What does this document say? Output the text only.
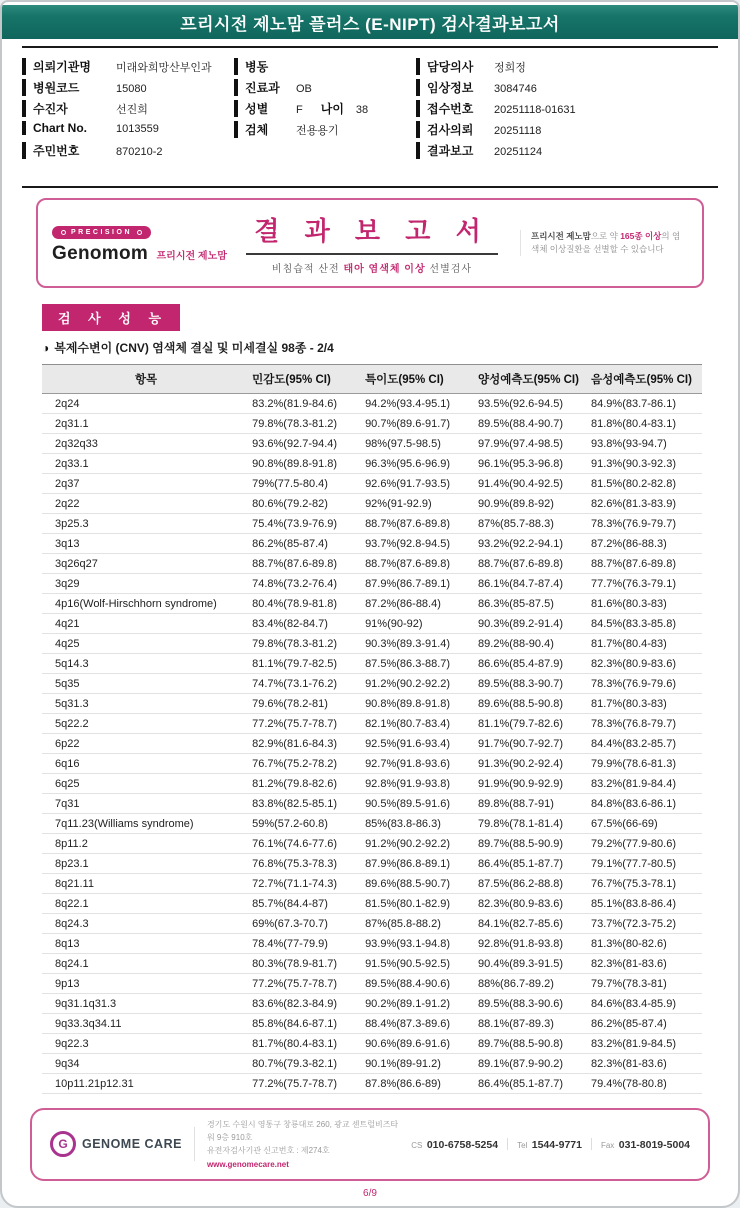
프리시전 제노맘 플러스 (E-NIPT) 검사결과보고서
의뢰기관명	미래와희망산부인과
병원코드	15080
수진자	선진희
Chart No.	1013559
주민번호	870210-2
병동
진료과	OB
성별	F 나이 38
검체	전용용기
담당의사	정희정
임상정보	3084746
접수번호	20251118-01631
검사의뢰	20251118
결과보고	20251124
PRECISION
Genomom 프리시전 제노맘
결 과 보 고 서
비침습적 산전 태아 염색체 이상 선별검사
프리시전 제노맘으로 약 165종 이상의 염색체 이상질환을 선별할 수 있습니다
검 사 성 능
◑ 복제수변이 (CNV) 염색체 결실 및 미세결실 98종 - 2/4
항목	민감도(95% CI)	특이도(95% CI)	양성예측도(95% CI)	음성예측도(95% CI)
2q24	83.2%(81.9-84.6)	94.2%(93.4-95.1)	93.5%(92.6-94.5)	84.9%(83.7-86.1)
2q31.1	79.8%(78.3-81.2)	90.7%(89.6-91.7)	89.5%(88.4-90.7)	81.8%(80.4-83.1)
2q32q33	93.6%(92.7-94.4)	98%(97.5-98.5)	97.9%(97.4-98.5)	93.8%(93-94.7)
2q33.1	90.8%(89.8-91.8)	96.3%(95.6-96.9)	96.1%(95.3-96.8)	91.3%(90.3-92.3)
2q37	79%(77.5-80.4)	92.6%(91.7-93.5)	91.4%(90.4-92.5)	81.5%(80.2-82.8)
2q22	80.6%(79.2-82)	92%(91-92.9)	90.9%(89.8-92)	82.6%(81.3-83.9)
3p25.3	75.4%(73.9-76.9)	88.7%(87.6-89.8)	87%(85.7-88.3)	78.3%(76.9-79.7)
3q13	86.2%(85-87.4)	93.7%(92.8-94.5)	93.2%(92.2-94.1)	87.2%(86-88.3)
3q26q27	88.7%(87.6-89.8)	88.7%(87.6-89.8)	88.7%(87.6-89.8)	88.7%(87.6-89.8)
3q29	74.8%(73.2-76.4)	87.9%(86.7-89.1)	86.1%(84.7-87.4)	77.7%(76.3-79.1)
4p16(Wolf-Hirschhorn syndrome)	80.4%(78.9-81.8)	87.2%(86-88.4)	86.3%(85-87.5)	81.6%(80.3-83)
4q21	83.4%(82-84.7)	91%(90-92)	90.3%(89.2-91.4)	84.5%(83.3-85.8)
4q25	79.8%(78.3-81.2)	90.3%(89.3-91.4)	89.2%(88-90.4)	81.7%(80.4-83)
5q14.3	81.1%(79.7-82.5)	87.5%(86.3-88.7)	86.6%(85.4-87.9)	82.3%(80.9-83.6)
5q35	74.7%(73.1-76.2)	91.2%(90.2-92.2)	89.5%(88.3-90.7)	78.3%(76.9-79.6)
5q31.3	79.6%(78.2-81)	90.8%(89.8-91.8)	89.6%(88.5-90.8)	81.7%(80.3-83)
5q22.2	77.2%(75.7-78.7)	82.1%(80.7-83.4)	81.1%(79.7-82.6)	78.3%(76.8-79.7)
6p22	82.9%(81.6-84.3)	92.5%(91.6-93.4)	91.7%(90.7-92.7)	84.4%(83.2-85.7)
6q16	76.7%(75.2-78.2)	92.7%(91.8-93.6)	91.3%(90.2-92.4)	79.9%(78.6-81.3)
6q25	81.2%(79.8-82.6)	92.8%(91.9-93.8)	91.9%(90.9-92.9)	83.2%(81.9-84.4)
7q31	83.8%(82.5-85.1)	90.5%(89.5-91.6)	89.8%(88.7-91)	84.8%(83.6-86.1)
7q11.23(Williams syndrome)	59%(57.2-60.8)	85%(83.8-86.3)	79.8%(78.1-81.4)	67.5%(66-69)
8p11.2	76.1%(74.6-77.6)	91.2%(90.2-92.2)	89.7%(88.5-90.9)	79.2%(77.9-80.6)
8p23.1	76.8%(75.3-78.3)	87.9%(86.8-89.1)	86.4%(85.1-87.7)	79.1%(77.7-80.5)
8q21.11	72.7%(71.1-74.3)	89.6%(88.5-90.7)	87.5%(86.2-88.8)	76.7%(75.3-78.1)
8q22.1	85.7%(84.4-87)	81.5%(80.1-82.9)	82.3%(80.9-83.6)	85.1%(83.8-86.4)
8q24.3	69%(67.3-70.7)	87%(85.8-88.2)	84.1%(82.7-85.6)	73.7%(72.3-75.2)
8q13	78.4%(77-79.9)	93.9%(93.1-94.8)	92.8%(91.8-93.8)	81.3%(80-82.6)
8q24.1	80.3%(78.9-81.7)	91.5%(90.5-92.5)	90.4%(89.3-91.5)	82.3%(81-83.6)
9p13	77.2%(75.7-78.7)	89.5%(88.4-90.6)	88%(86.7-89.2)	79.7%(78.3-81)
9q31.1q31.3	83.6%(82.3-84.9)	90.2%(89.1-91.2)	89.5%(88.3-90.6)	84.6%(83.4-85.9)
9q33.3q34.11	85.8%(84.6-87.1)	88.4%(87.3-89.6)	88.1%(87-89.3)	86.2%(85-87.4)
9q22.3	81.7%(80.4-83.1)	90.6%(89.6-91.6)	89.7%(88.5-90.8)	83.2%(81.9-84.5)
9q34	80.7%(79.3-82.1)	90.1%(89-91.2)	89.1%(87.9-90.2)	82.3%(81-83.6)
10p11.21p12.31	77.2%(75.7-78.7)	87.8%(86.6-89)	86.4%(85.1-87.7)	79.4%(78-80.8)
G	GENOME CARE
경기도 수원시 영통구 창룡대로 260, 광교 센트럴비즈타워 9층 910호
유전자검사기관 신고번호 : 제274호
www.genomecare.net
CS 010-6758-5254 Tel 1544-9771 Fax 031-8019-5004
6/9
